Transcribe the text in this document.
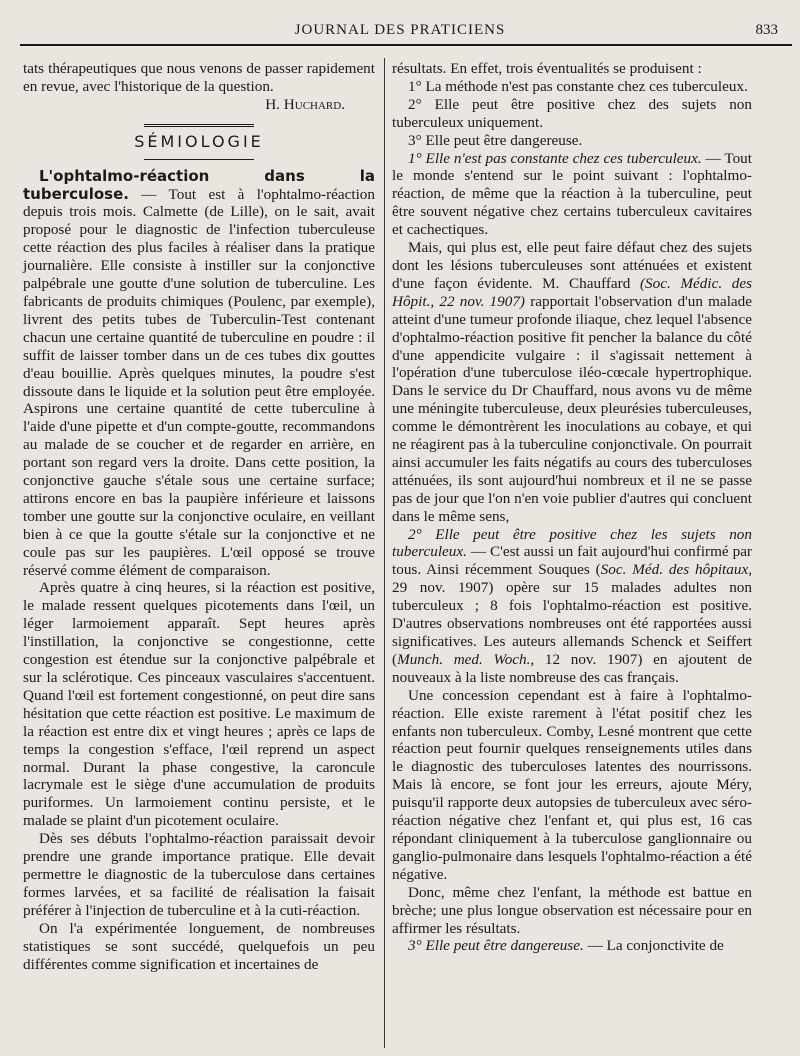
JOURNAL DES PRATICIENS	833

tats thérapeutiques que nous venons de passer rapidement en revue, avec l'historique de la question.

H. Huchard.

SÉMIOLOGIE

L'ophtalmo-réaction dans la tuberculose. — Tout est à l'ophtalmo-réaction depuis trois mois. Calmette (de Lille), on le sait, avait proposé pour le diagnostic de l'infection tuberculeuse cette réaction des plus faciles à réaliser dans la pratique journalière. Elle consiste à instiller sur la conjonctive palpébrale une goutte d'une solution de tuberculine. Les fabricants de produits chimiques (Poulenc, par exemple), livrent des petits tubes de Tuberculin-Test contenant chacun une certaine quantité de tuberculine en poudre : il suffit de laisser tomber dans un de ces tubes dix gouttes d'eau bouillie. Après quelques minutes, la poudre s'est dissoute dans le liquide et la solution peut être employée. Aspirons une certaine quantité de cette tuberculine à l'aide d'une pipette et d'un compte-goutte, recommandons au malade de se coucher et de regarder en arrière, en portant son regard vers la droite. Dans cette position, la conjonctive gauche s'étale sous une certaine surface; attirons encore en bas la paupière inférieure et laissons tomber une goutte sur la conjonctive oculaire, en veillant bien à ce que la goutte s'étale sur la conjonctive et ne coule pas sur les paupières. L'œil opposé se trouve réservé comme élément de comparaison.

Après quatre à cinq heures, si la réaction est positive, le malade ressent quelques picotements dans l'œil, un léger larmoiement apparaît. Sept heures après l'instillation, la conjonctive se congestionne, cette congestion est étendue sur la conjonctive palpébrale et sur la sclérotique. Ces pinceaux vasculaires s'accentuent. Quand l'œil est fortement congestionné, on peut dire sans hésitation que cette réaction est positive. Le maximum de la réaction est entre dix et vingt heures ; après ce laps de temps la congestion s'efface, l'œil reprend un aspect normal. Durant la phase congestive, la caroncule lacrymale est le siège d'une accumulation de produits puriformes. Un larmoiement continu persiste, et le malade se plaint d'un picotement oculaire.

Dès ses débuts l'ophtalmo-réaction paraissait devoir prendre une grande importance pratique. Elle devait permettre le diagnostic de la tuberculose dans certaines formes larvées, et sa facilité de réalisation la faisait préférer à l'injection de tuberculine et à la cuti-réaction.

On l'a expérimentée longuement, de nombreuses statistiques se sont succédé, quelquefois un peu différentes comme signification et incertaines de

résultats. En effet, trois éventualités se produisent :

1° La méthode n'est pas constante chez ces tuberculeux.

2° Elle peut être positive chez des sujets non tuberculeux uniquement.

3° Elle peut être dangereuse.

1° Elle n'est pas constante chez ces tuberculeux. — Tout le monde s'entend sur le point suivant : l'ophtalmo-réaction, de même que la réaction à la tuberculine, peut être souvent négative chez certains tuberculeux cavitaires et cachectiques.

Mais, qui plus est, elle peut faire défaut chez des sujets dont les lésions tuberculeuses sont atténuées et existent d'une façon évidente. M. Chauffard (Soc. Médic. des Hôpit., 22 nov. 1907) rapportait l'observation d'un malade atteint d'une tumeur profonde iliaque, chez lequel l'absence d'ophtalmo-réaction positive fit pencher la balance du côté d'une appendicite vulgaire : il s'agissait nettement à l'opération d'une tuberculose iléo-cœcale hypertrophique. Dans le service du Dr Chauffard, nous avons vu de même une méningite tuberculeuse, deux pleurésies tuberculeuses, comme le démontrèrent les inoculations au cobaye, et qui ne réagirent pas à la tuberculine conjonctivale. On pourrait ainsi accumuler les faits négatifs au cours des tuberculoses atténuées, ils sont aujourd'hui nombreux et il ne se passe pas de jour que l'on n'en voie publier d'autres qui concluent dans le même sens,

2° Elle peut être positive chez les sujets non tuberculeux. — C'est aussi un fait aujourd'hui confirmé par tous. Ainsi récemment Souques (Soc. Méd. des hôpitaux, 29 nov. 1907) opère sur 15 malades adultes non tuberculeux ; 8 fois l'ophtalmo-réaction est positive. D'autres observations nombreuses ont été rapportées aussi significatives. Les auteurs allemands Schenck et Seiffert (Munch. med. Woch., 12 nov. 1907) en ajoutent de nouveaux à la liste nombreuse des cas français.

Une concession cependant est à faire à l'ophtalmo-réaction. Elle existe rarement à l'état positif chez les enfants non tuberculeux. Comby, Lesné montrent que cette réaction peut fournir quelques renseignements utiles dans le diagnostic des tuberculoses latentes des nourrissons. Mais là encore, se font jour les erreurs, ajoute Méry, puisqu'il rapporte deux autopsies de tuberculeux avec séro-réaction négative chez l'enfant et, qui plus est, 16 cas répondant cliniquement à la tuberculose ganglionnaire ou ganglio-pulmonaire dans lesquels l'ophtalmo-réaction a été négative.

Donc, même chez l'enfant, la méthode est battue en brèche; une plus longue observation est nécessaire pour en affirmer les résultats.

3° Elle peut être dangereuse. — La conjonctivite de
